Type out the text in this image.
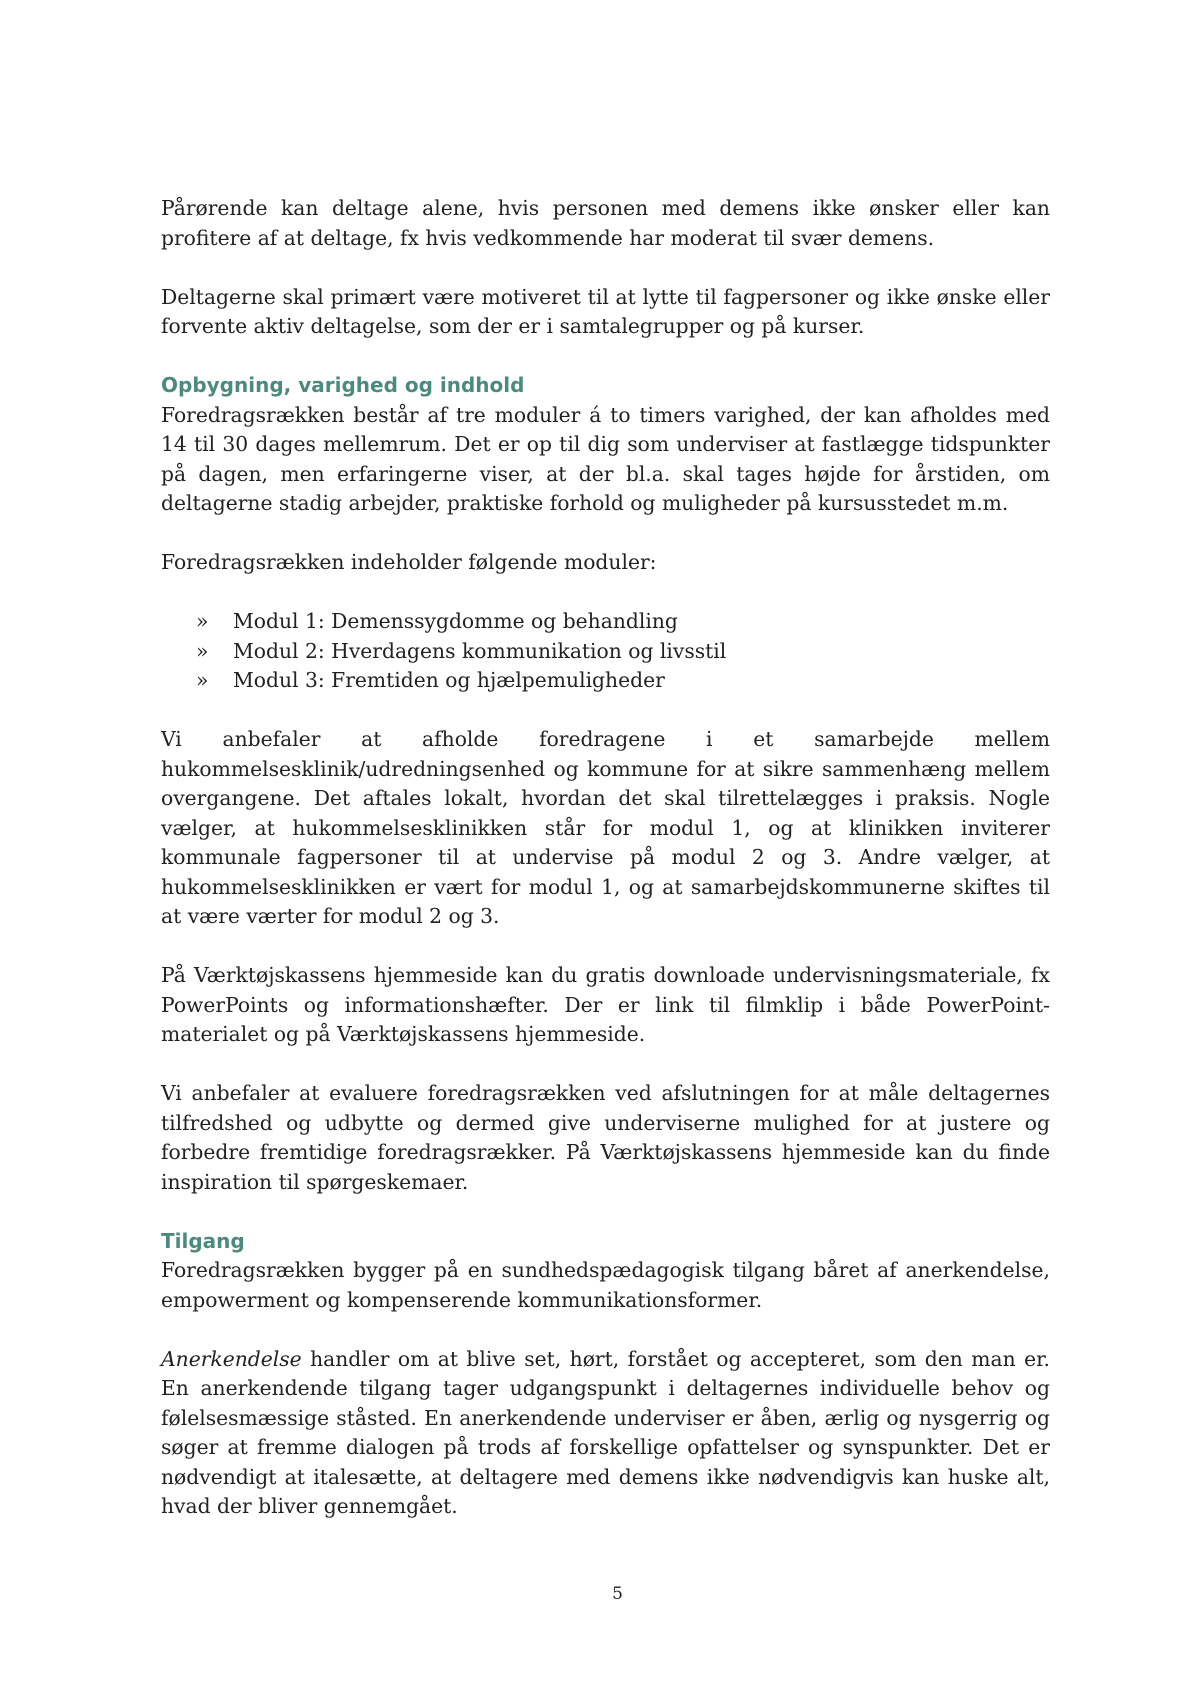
Pårørende kan deltage alene, hvis personen med demens ikke ønsker eller kan profitere af at deltage, fx hvis vedkommende har moderat til svær demens.

Deltagerne skal primært være motiveret til at lytte til fagpersoner og ikke ønske eller forvente aktiv deltagelse, som der er i samtalegrupper og på kurser.

Opbygning, varighed og indhold

Foredragsrækken består af tre moduler á to timers varighed, der kan afholdes med 14 til 30 dages mellemrum. Det er op til dig som underviser at fastlægge tidspunkter på dagen, men erfaringerne viser, at der bl.a. skal tages højde for årstiden, om deltagerne stadig arbejder, praktiske forhold og muligheder på kursusstedet m.m.

Foredragsrækken indeholder følgende moduler:

»	Modul 1: Demenssygdomme og behandling
»	Modul 2: Hverdagens kommunikation og livsstil
»	Modul 3: Fremtiden og hjælpemuligheder

Vi anbefaler at afholde foredragene i et samarbejde mellem hukommelsesklinik/udredningsenhed og kommune for at sikre sammenhæng mellem overgangene. Det aftales lokalt, hvordan det skal tilrettelægges i praksis. Nogle vælger, at hukommelsesklinikken står for modul 1, og at klinikken inviterer kommunale fagpersoner til at undervise på modul 2 og 3. Andre vælger, at hukommelsesklinikken er vært for modul 1, og at samarbejdskommunerne skiftes til at være værter for modul 2 og 3.

På Værktøjskassens hjemmeside kan du gratis downloade undervisningsmateriale, fx PowerPoints og informationshæfter. Der er link til filmklip i både PowerPoint-materialet og på Værktøjskassens hjemmeside.

Vi anbefaler at evaluere foredragsrækken ved afslutningen for at måle deltagernes tilfredshed og udbytte og dermed give underviserne mulighed for at justere og forbedre fremtidige foredragsrækker. På Værktøjskassens hjemmeside kan du finde inspiration til spørgeskemaer.

Tilgang

Foredragsrækken bygger på en sundhedspædagogisk tilgang båret af anerkendelse, empowerment og kompenserende kommunikationsformer.

Anerkendelse handler om at blive set, hørt, forstået og accepteret, som den man er. En anerkendende tilgang tager udgangspunkt i deltagernes individuelle behov og følelsesmæssige ståsted. En anerkendende underviser er åben, ærlig og nysgerrig og søger at fremme dialogen på trods af forskellige opfattelser og synspunkter. Det er nødvendigt at italesætte, at deltagere med demens ikke nødvendigvis kan huske alt, hvad der bliver gennemgået.

5
